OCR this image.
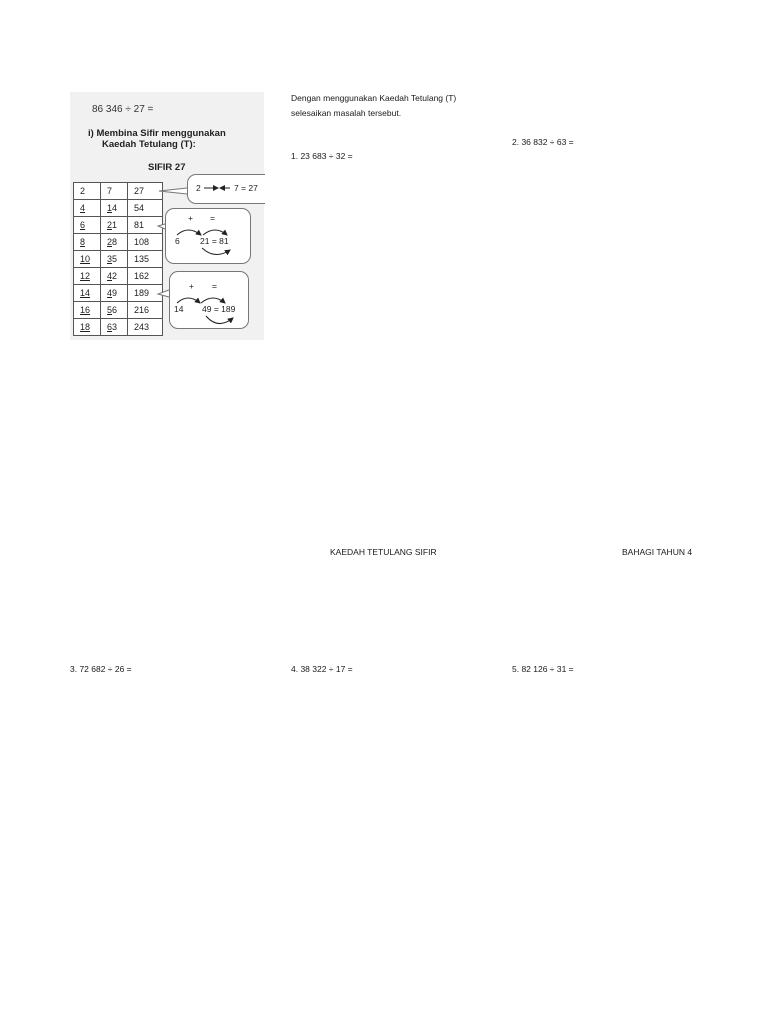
86 346 ÷ 27 =
i) Membina Sifir menggunakan
Kaedah Tetulang (T):
SIFIR 27
2	7	27
4	14	54
6	21	81
8	28	108
10	35	135
12	42	162
14	49	189
16	56	216
18	63	243
2	7 = 27
+ =
6 21 = 81
+ =
14 49 = 189
Dengan menggunakan Kaedah Tetulang (T)
selesaikan masalah tersebut.
1. 23 683 ÷ 32 =
2. 36 832 ÷ 63 =
KAEDAH TETULANG SIFIR	BAHAGI TAHUN 4
3. 72 682 ÷ 26 =	4. 38 322 ÷ 17 =	5. 82 126 ÷ 31 =
